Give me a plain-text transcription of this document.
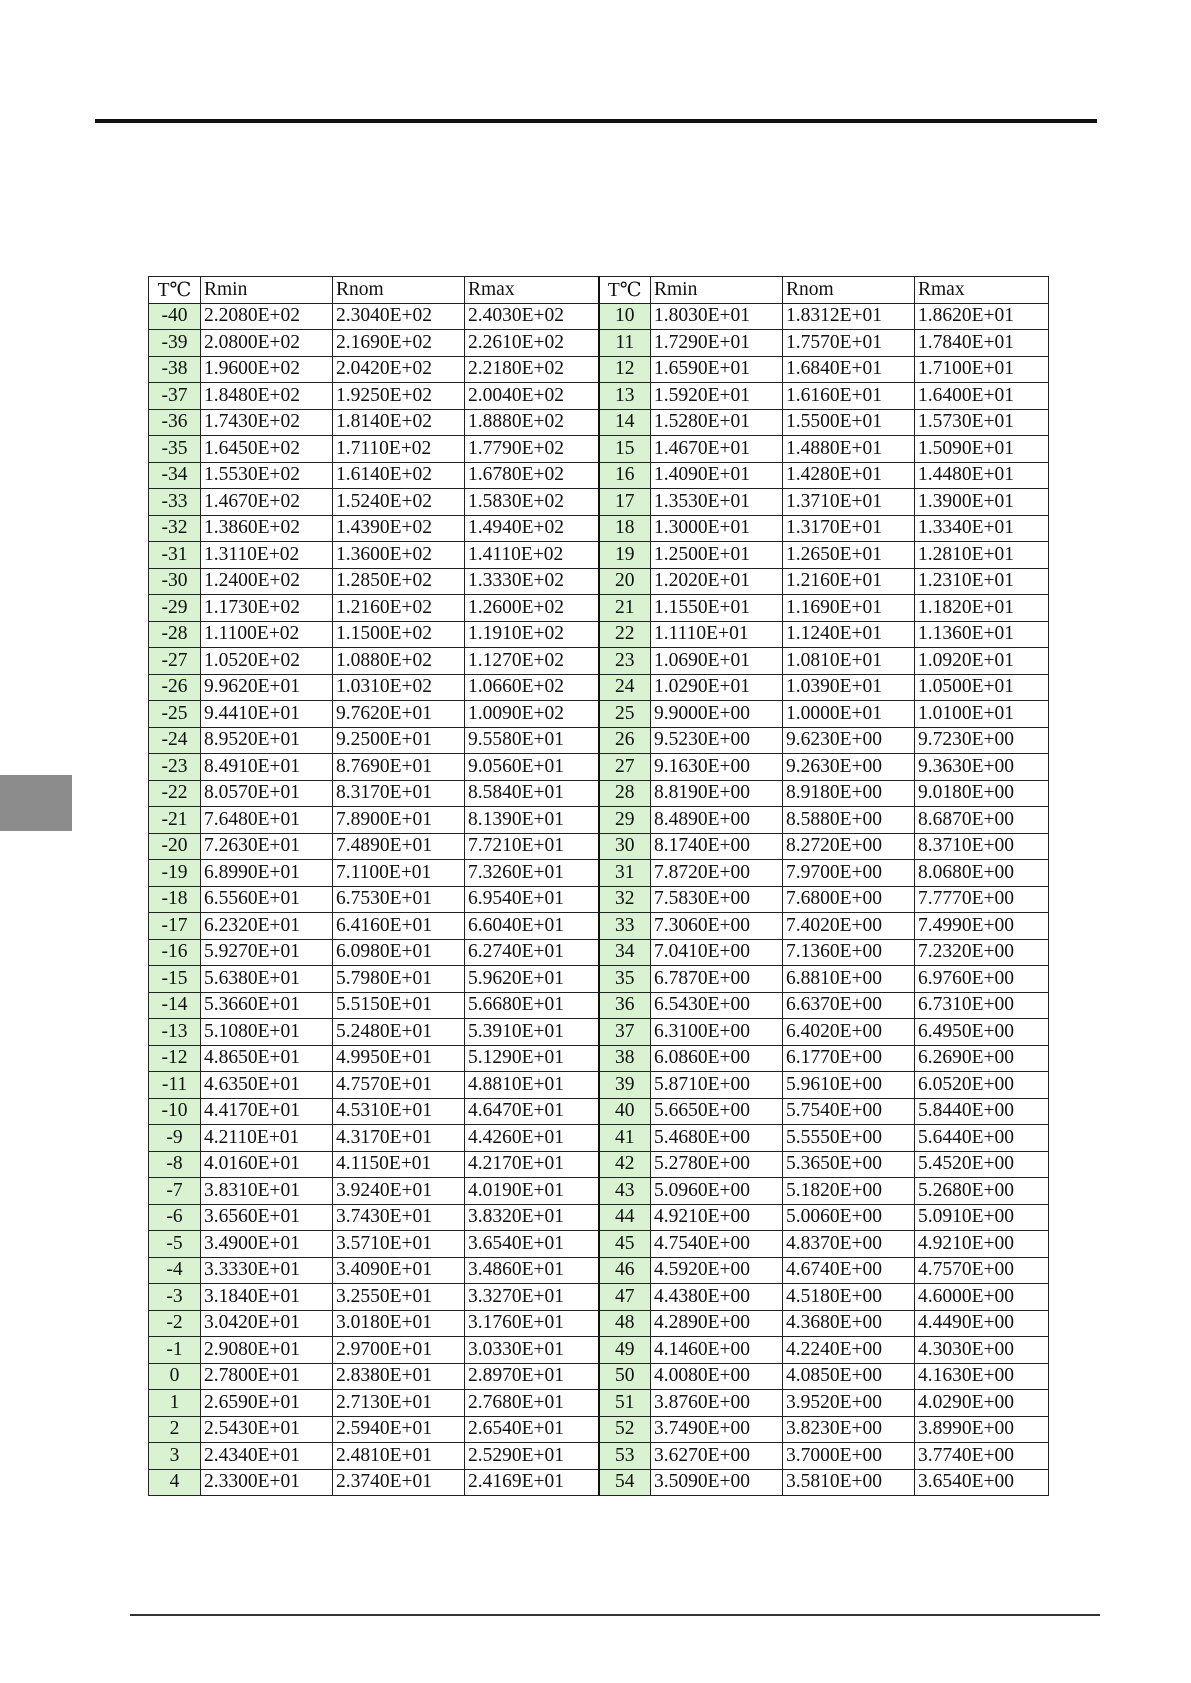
T℃	Rmin	Rnom	Rmax	T℃	Rmin	Rnom	Rmax
-40	2.2080E+02	2.3040E+02	2.4030E+02	10	1.8030E+01	1.8312E+01	1.8620E+01
-39	2.0800E+02	2.1690E+02	2.2610E+02	11	1.7290E+01	1.7570E+01	1.7840E+01
-38	1.9600E+02	2.0420E+02	2.2180E+02	12	1.6590E+01	1.6840E+01	1.7100E+01
-37	1.8480E+02	1.9250E+02	2.0040E+02	13	1.5920E+01	1.6160E+01	1.6400E+01
-36	1.7430E+02	1.8140E+02	1.8880E+02	14	1.5280E+01	1.5500E+01	1.5730E+01
-35	1.6450E+02	1.7110E+02	1.7790E+02	15	1.4670E+01	1.4880E+01	1.5090E+01
-34	1.5530E+02	1.6140E+02	1.6780E+02	16	1.4090E+01	1.4280E+01	1.4480E+01
-33	1.4670E+02	1.5240E+02	1.5830E+02	17	1.3530E+01	1.3710E+01	1.3900E+01
-32	1.3860E+02	1.4390E+02	1.4940E+02	18	1.3000E+01	1.3170E+01	1.3340E+01
-31	1.3110E+02	1.3600E+02	1.4110E+02	19	1.2500E+01	1.2650E+01	1.2810E+01
-30	1.2400E+02	1.2850E+02	1.3330E+02	20	1.2020E+01	1.2160E+01	1.2310E+01
-29	1.1730E+02	1.2160E+02	1.2600E+02	21	1.1550E+01	1.1690E+01	1.1820E+01
-28	1.1100E+02	1.1500E+02	1.1910E+02	22	1.1110E+01	1.1240E+01	1.1360E+01
-27	1.0520E+02	1.0880E+02	1.1270E+02	23	1.0690E+01	1.0810E+01	1.0920E+01
-26	9.9620E+01	1.0310E+02	1.0660E+02	24	1.0290E+01	1.0390E+01	1.0500E+01
-25	9.4410E+01	9.7620E+01	1.0090E+02	25	9.9000E+00	1.0000E+01	1.0100E+01
-24	8.9520E+01	9.2500E+01	9.5580E+01	26	9.5230E+00	9.6230E+00	9.7230E+00
-23	8.4910E+01	8.7690E+01	9.0560E+01	27	9.1630E+00	9.2630E+00	9.3630E+00
-22	8.0570E+01	8.3170E+01	8.5840E+01	28	8.8190E+00	8.9180E+00	9.0180E+00
-21	7.6480E+01	7.8900E+01	8.1390E+01	29	8.4890E+00	8.5880E+00	8.6870E+00
-20	7.2630E+01	7.4890E+01	7.7210E+01	30	8.1740E+00	8.2720E+00	8.3710E+00
-19	6.8990E+01	7.1100E+01	7.3260E+01	31	7.8720E+00	7.9700E+00	8.0680E+00
-18	6.5560E+01	6.7530E+01	6.9540E+01	32	7.5830E+00	7.6800E+00	7.7770E+00
-17	6.2320E+01	6.4160E+01	6.6040E+01	33	7.3060E+00	7.4020E+00	7.4990E+00
-16	5.9270E+01	6.0980E+01	6.2740E+01	34	7.0410E+00	7.1360E+00	7.2320E+00
-15	5.6380E+01	5.7980E+01	5.9620E+01	35	6.7870E+00	6.8810E+00	6.9760E+00
-14	5.3660E+01	5.5150E+01	5.6680E+01	36	6.5430E+00	6.6370E+00	6.7310E+00
-13	5.1080E+01	5.2480E+01	5.3910E+01	37	6.3100E+00	6.4020E+00	6.4950E+00
-12	4.8650E+01	4.9950E+01	5.1290E+01	38	6.0860E+00	6.1770E+00	6.2690E+00
-11	4.6350E+01	4.7570E+01	4.8810E+01	39	5.8710E+00	5.9610E+00	6.0520E+00
-10	4.4170E+01	4.5310E+01	4.6470E+01	40	5.6650E+00	5.7540E+00	5.8440E+00
-9	4.2110E+01	4.3170E+01	4.4260E+01	41	5.4680E+00	5.5550E+00	5.6440E+00
-8	4.0160E+01	4.1150E+01	4.2170E+01	42	5.2780E+00	5.3650E+00	5.4520E+00
-7	3.8310E+01	3.9240E+01	4.0190E+01	43	5.0960E+00	5.1820E+00	5.2680E+00
-6	3.6560E+01	3.7430E+01	3.8320E+01	44	4.9210E+00	5.0060E+00	5.0910E+00
-5	3.4900E+01	3.5710E+01	3.6540E+01	45	4.7540E+00	4.8370E+00	4.9210E+00
-4	3.3330E+01	3.4090E+01	3.4860E+01	46	4.5920E+00	4.6740E+00	4.7570E+00
-3	3.1840E+01	3.2550E+01	3.3270E+01	47	4.4380E+00	4.5180E+00	4.6000E+00
-2	3.0420E+01	3.0180E+01	3.1760E+01	48	4.2890E+00	4.3680E+00	4.4490E+00
-1	2.9080E+01	2.9700E+01	3.0330E+01	49	4.1460E+00	4.2240E+00	4.3030E+00
0	2.7800E+01	2.8380E+01	2.8970E+01	50	4.0080E+00	4.0850E+00	4.1630E+00
1	2.6590E+01	2.7130E+01	2.7680E+01	51	3.8760E+00	3.9520E+00	4.0290E+00
2	2.5430E+01	2.5940E+01	2.6540E+01	52	3.7490E+00	3.8230E+00	3.8990E+00
3	2.4340E+01	2.4810E+01	2.5290E+01	53	3.6270E+00	3.7000E+00	3.7740E+00
4	2.3300E+01	2.3740E+01	2.4169E+01	54	3.5090E+00	3.5810E+00	3.6540E+00
